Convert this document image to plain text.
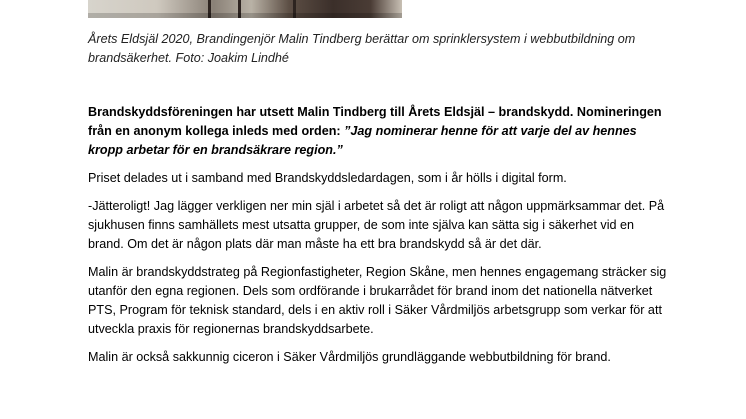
Årets Eldsjäl 2020, Brandingenjör Malin Tindberg berättar om sprinklersystem i webbutbildning om brandsäkerhet. Foto: Joakim Lindhé

Brandskyddsföreningen har utsett Malin Tindberg till Årets Eldsjäl – brandskydd. Nomineringen från en anonym kollega inleds med orden: ”Jag nominerar henne för att varje del av hennes kropp arbetar för en brandsäkrare region.”

Priset delades ut i samband med Brandskyddsledardagen, som i år hölls i digital form.

-Jätteroligt! Jag lägger verkligen ner min själ i arbetet så det är roligt att någon uppmärksammar det. På sjukhusen finns samhällets mest utsatta grupper, de som inte själva kan sätta sig i säkerhet vid en brand. Om det är någon plats där man måste ha ett bra brandskydd så är det där.

Malin är brandskyddstrateg på Regionfastigheter, Region Skåne, men hennes engagemang sträcker sig utanför den egna regionen. Dels som ordförande i brukarrådet för brand inom det nationella nätverket PTS, Program för teknisk standard, dels i en aktiv roll i Säker Vårdmiljös arbetsgrupp som verkar för att utveckla praxis för regionernas brandskyddsarbete.

Malin är också sakkunnig ciceron i Säker Vårdmiljös grundläggande webbutbildning för brand.
